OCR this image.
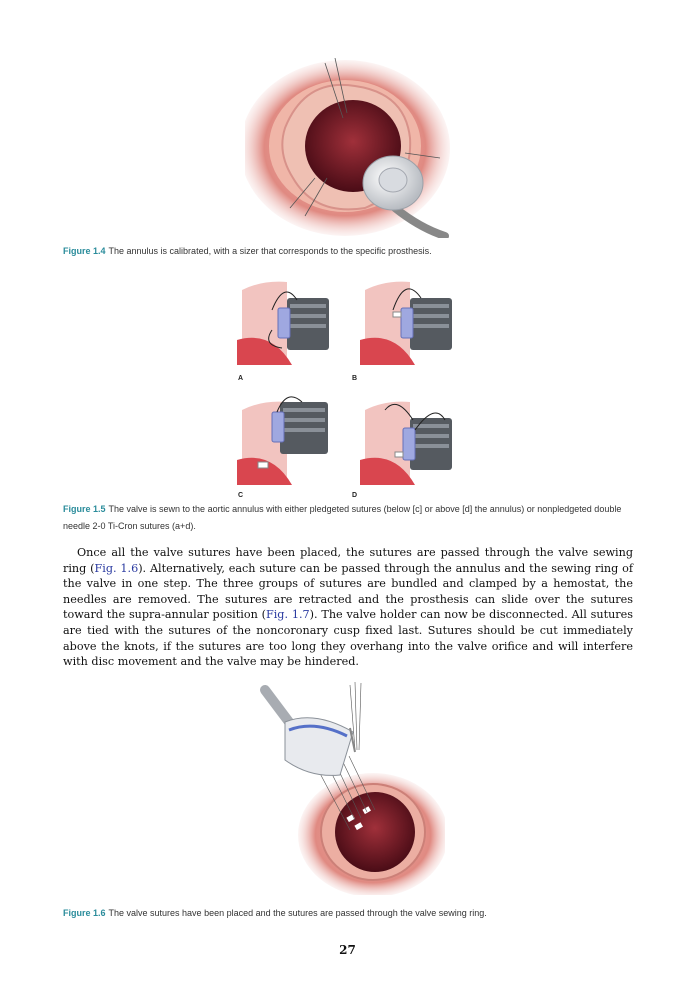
Figure 1.4 The annulus is calibrated, with a sizer that corresponds to the specific prosthesis.
A	B
C	D
Figure 1.5 The valve is sewn to the aortic annulus with either pledgeted sutures (below [c] or above [d] the annulus) or nonpledgeted double needle 2-0 Ti-Cron sutures (a+d).

Once all the valve sutures have been placed, the sutures are passed through the valve sewing ring (Fig. 1.6). Alternatively, each suture can be passed through the annulus and the sewing ring of the valve in one step. The three groups of sutures are bundled and clamped by a hemostat, the needles are removed. The sutures are retracted and the prosthesis can slide over the sutures toward the supra-annular position (Fig. 1.7). The valve holder can now be disconnected. All sutures are tied with the sutures of the noncoronary cusp fixed last. Sutures should be cut immediately above the knots, if the sutures are too long they overhang into the valve orifice and will interfere with disc movement and the valve may be hindered.

Figure 1.6 The valve sutures have been placed and the sutures are passed through the valve sewing ring.
27
